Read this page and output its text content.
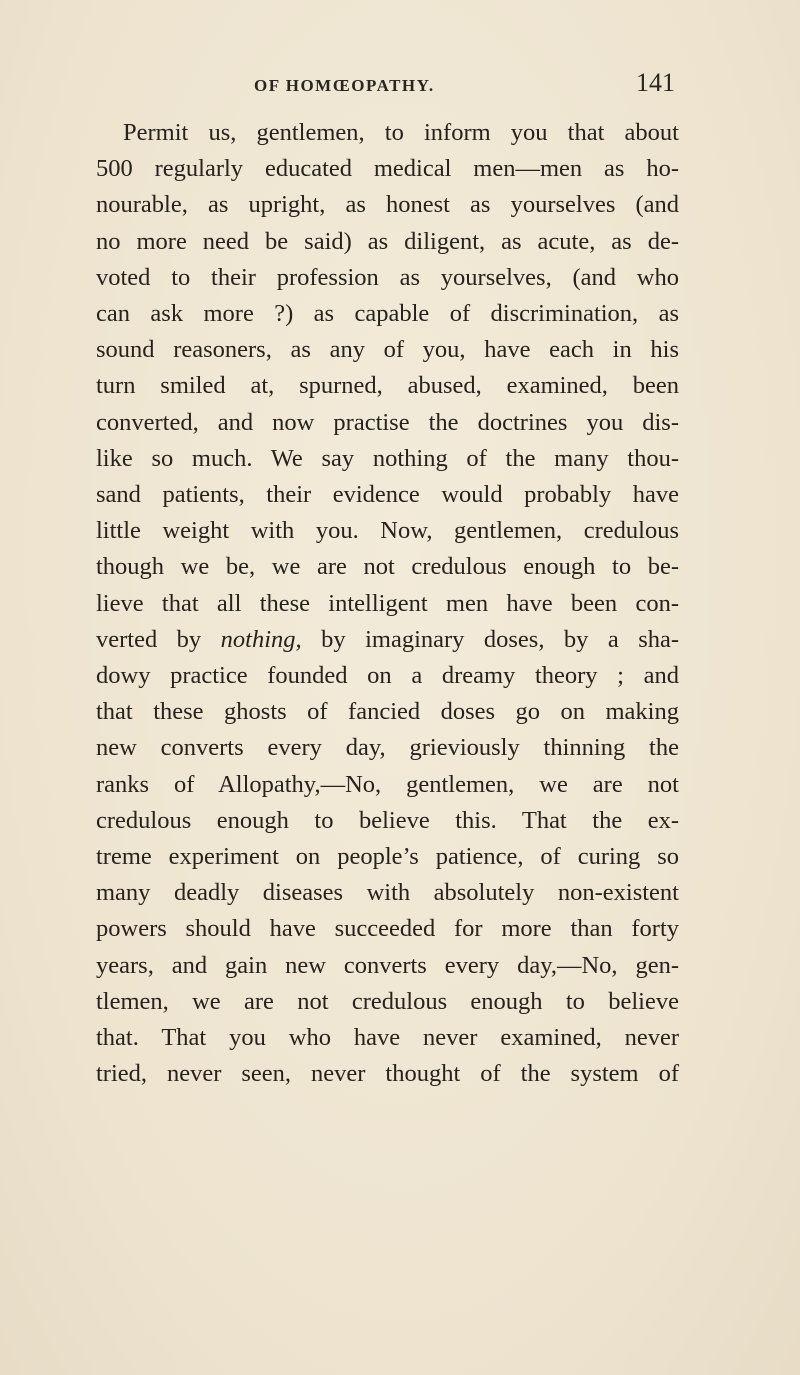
OF HOMŒOPATHY.	141
Permit us, gentlemen, to inform you that about
500 regularly educated medical men—men as ho-
nourable, as upright, as honest as yourselves (and
no more need be said) as diligent, as acute, as de-
voted to their profession as yourselves, (and who
can ask more ?) as capable of discrimination, as
sound reasoners, as any of you, have each in his
turn smiled at, spurned, abused, examined, been
converted, and now practise the doctrines you dis-
like so much. We say nothing of the many thou-
sand patients, their evidence would probably have
little weight with you. Now, gentlemen, credulous
though we be, we are not credulous enough to be-
lieve that all these intelligent men have been con-
verted by nothing, by imaginary doses, by a sha-
dowy practice founded on a dreamy theory ; and
that these ghosts of fancied doses go on making
new converts every day, grieviously thinning the
ranks of Allopathy,—No, gentlemen, we are not
credulous enough to believe this. That the ex-
treme experiment on people’s patience, of curing so
many deadly diseases with absolutely non-existent
powers should have succeeded for more than forty
years, and gain new converts every day,—No, gen-
tlemen, we are not credulous enough to believe
that. That you who have never examined, never
tried, never seen, never thought of the system of
